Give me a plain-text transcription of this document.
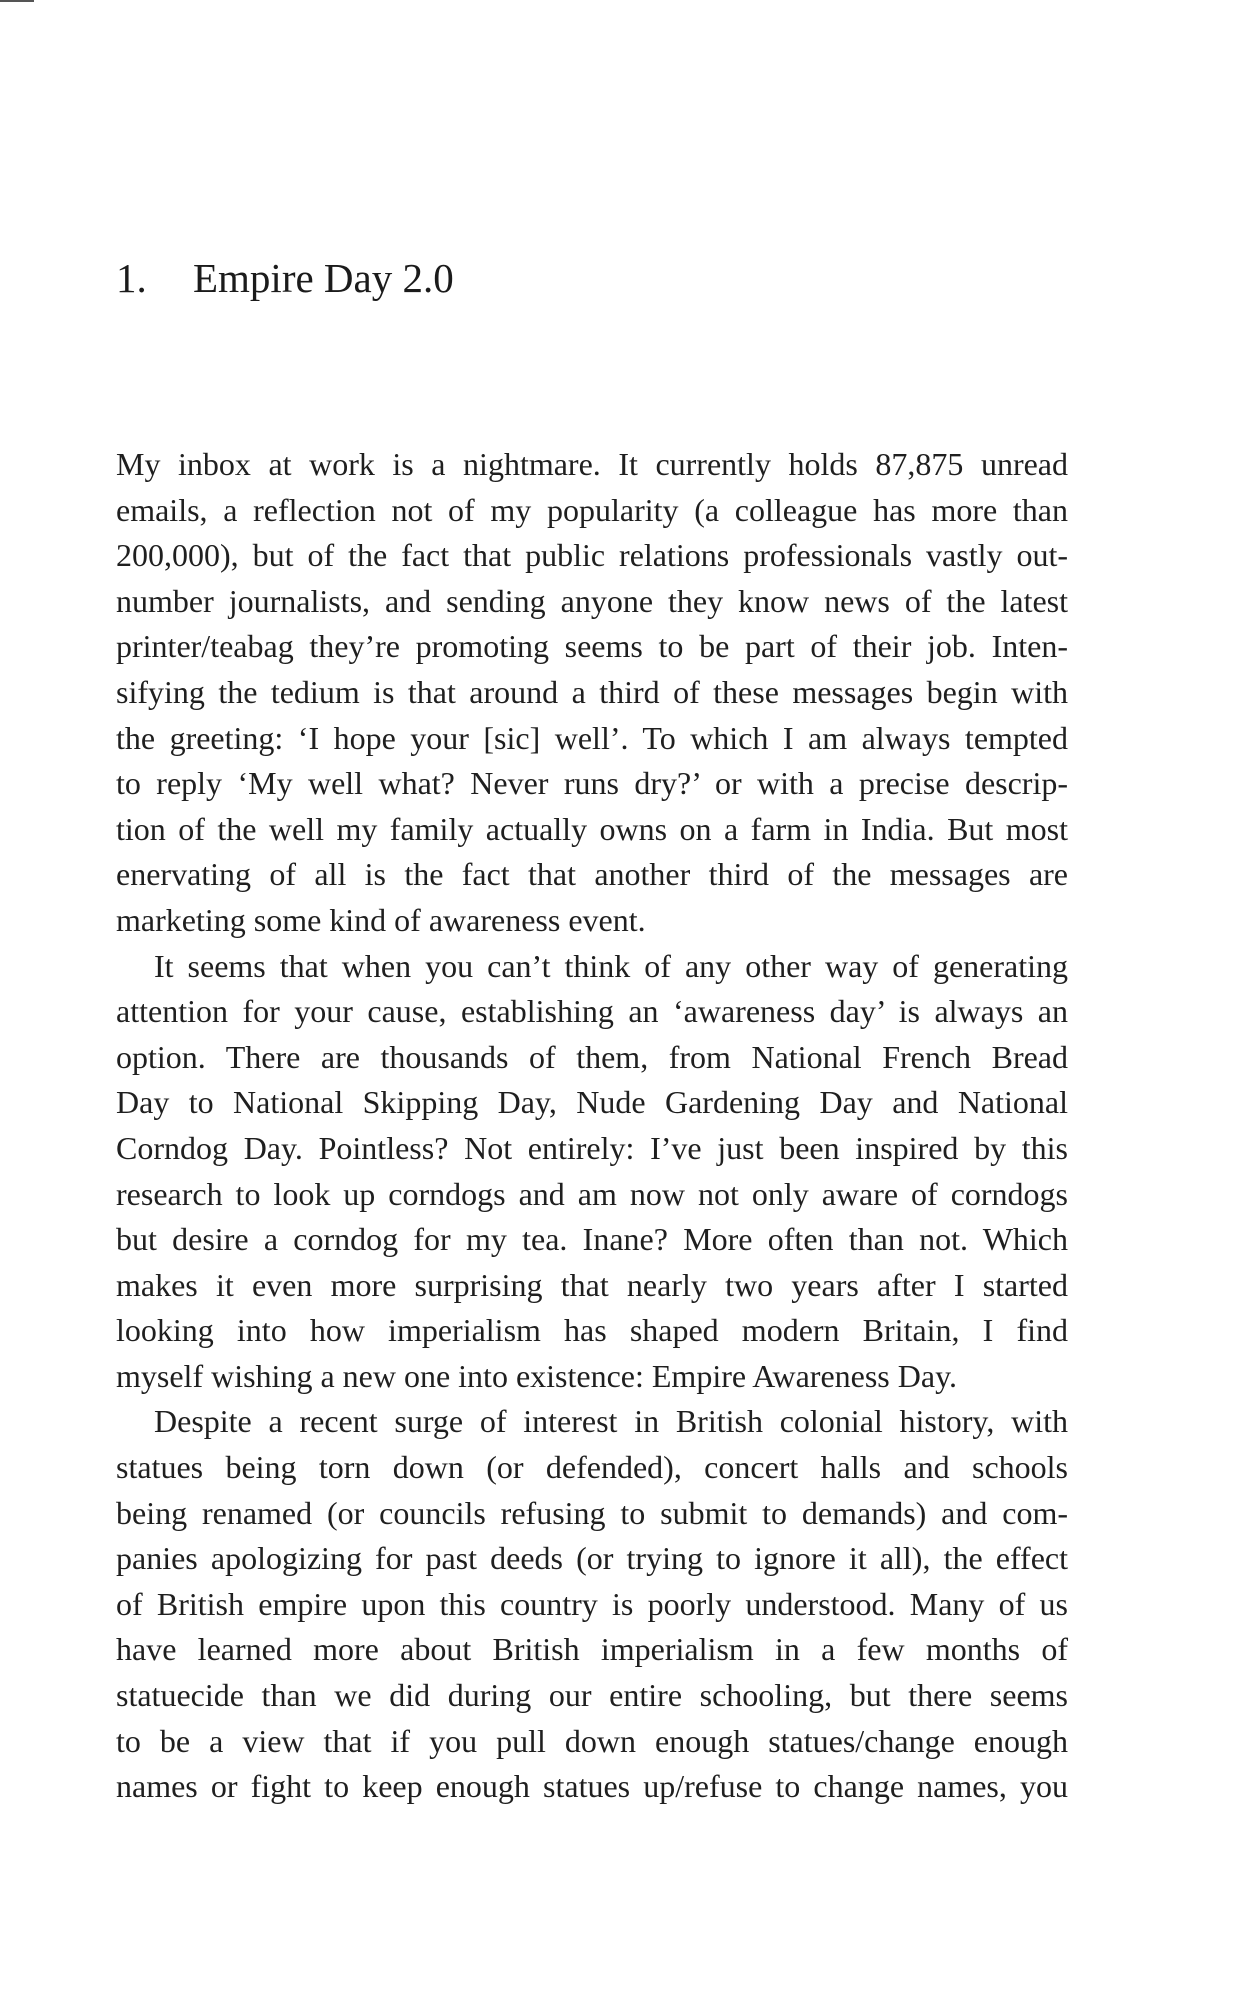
1. Empire Day 2.0
My inbox at work is a nightmare. It currently holds 87,875 unread
emails, a reflection not of my popularity (a colleague has more than
200,000), but of the fact that public relations professionals vastly out-
number journalists, and sending anyone they know news of the latest
printer/teabag they’re promoting seems to be part of their job. Inten-
sifying the tedium is that around a third of these messages begin with
the greeting: ‘I hope your [sic] well’. To which I am always tempted
to reply ‘My well what? Never runs dry?’ or with a precise descrip-
tion of the well my family actually owns on a farm in India. But most
enervating of all is the fact that another third of the messages are
marketing some kind of awareness event.
It seems that when you can’t think of any other way of generating
attention for your cause, establishing an ‘awareness day’ is always an
option. There are thousands of them, from National French Bread
Day to National Skipping Day, Nude Gardening Day and National
Corndog Day. Pointless? Not entirely: I’ve just been inspired by this
research to look up corndogs and am now not only aware of corndogs
but desire a corndog for my tea. Inane? More often than not. Which
makes it even more surprising that nearly two years after I started
looking into how imperialism has shaped modern Britain, I find
myself wishing a new one into existence: Empire Awareness Day.
Despite a recent surge of interest in British colonial history, with
statues being torn down (or defended), concert halls and schools
being renamed (or councils refusing to submit to demands) and com-
panies apologizing for past deeds (or trying to ignore it all), the effect
of British empire upon this country is poorly understood. Many of us
have learned more about British imperialism in a few months of
statuecide than we did during our entire schooling, but there seems
to be a view that if you pull down enough statues/change enough
names or fight to keep enough statues up/refuse to change names, you
